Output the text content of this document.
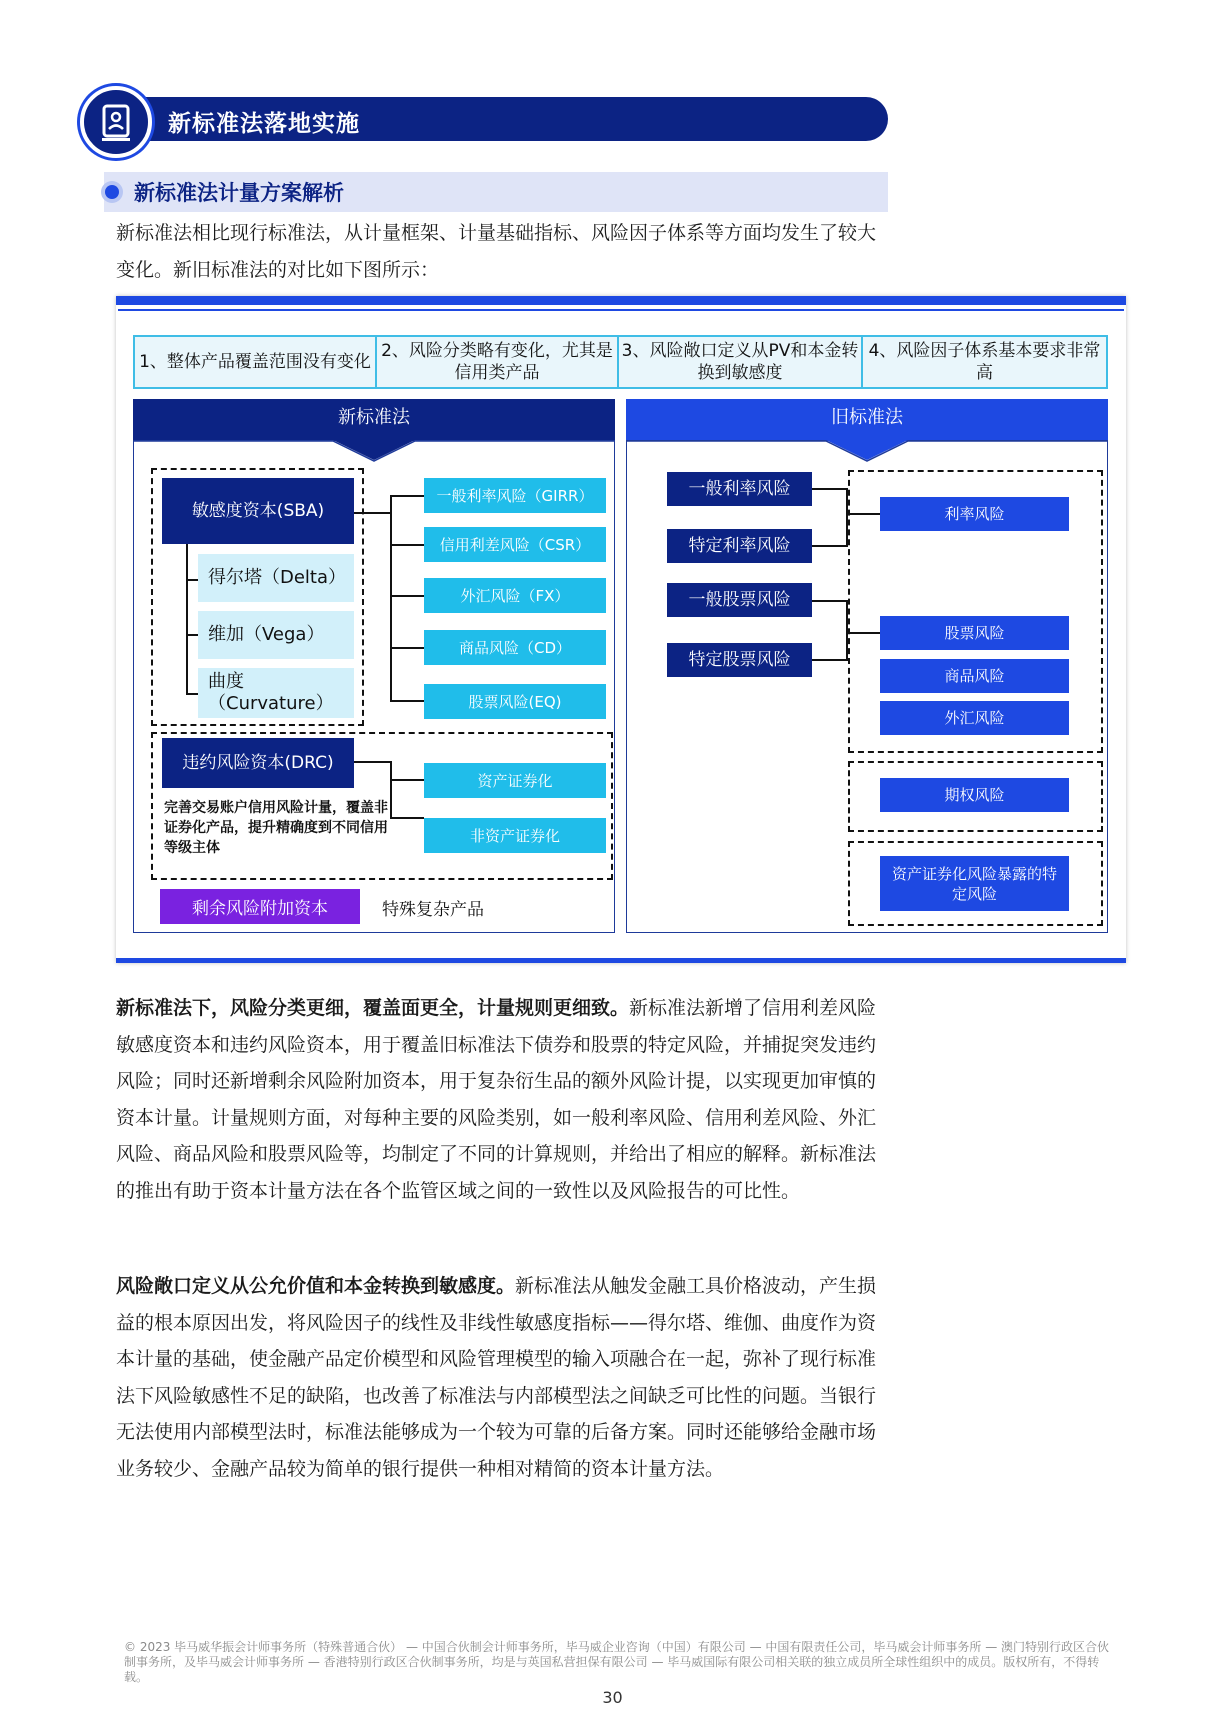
新标准法落地实施
新标准法计量方案解析
新标准法相比现行标准法，从计量框架、计量基础指标、风险因子体系等方面均发生了较大变化。新旧标准法的对比如下图所示：
1、整体产品覆盖范围没有变化
2、风险分类略有变化，尤其是信用类产品
3、风险敞口定义从PV和本金转换到敏感度
4、风险因子体系基本要求非常高
新标准法	旧标准法
敏感度资本(SBA)
得尔塔（Delta）
维加（Vega）
曲度（Curvature）
一般利率风险（GIRR）
信用利差风险（CSR）
外汇风险（FX）
商品风险（CD）
股票风险(EQ)
违约风险资本(DRC)
完善交易账户信用风险计量，覆盖非证券化产品，提升精确度到不同信用等级主体
资产证券化
非资产证券化
剩余风险附加资本	特殊复杂产品
一般利率风险
特定利率风险
一般股票风险
特定股票风险
利率风险
股票风险
商品风险
外汇风险
期权风险
资产证券化风险暴露的特定风险
新标准法下，风险分类更细，覆盖面更全，计量规则更细致。新标准法新增了信用利差风险敏感度资本和违约风险资本，用于覆盖旧标准法下债券和股票的特定风险，并捕捉突发违约风险；同时还新增剩余风险附加资本，用于复杂衍生品的额外风险计提，以实现更加审慎的资本计量。计量规则方面，对每种主要的风险类别，如一般利率风险、信用利差风险、外汇风险、商品风险和股票风险等，均制定了不同的计算规则，并给出了相应的解释。新标准法的推出有助于资本计量方法在各个监管区域之间的一致性以及风险报告的可比性。
风险敞口定义从公允价值和本金转换到敏感度。新标准法从触发金融工具价格波动，产生损益的根本原因出发，将风险因子的线性及非线性敏感度指标——得尔塔、维伽、曲度作为资本计量的基础，使金融产品定价模型和风险管理模型的输入项融合在一起，弥补了现行标准法下风险敏感性不足的缺陷，也改善了标准法与内部模型法之间缺乏可比性的问题。当银行无法使用内部模型法时，标准法能够成为一个较为可靠的后备方案。同时还能够给金融市场业务较少、金融产品较为简单的银行提供一种相对精简的资本计量方法。
© 2023 毕马威华振会计师事务所（特殊普通合伙） — 中国合伙制会计师事务所，毕马威企业咨询（中国）有限公司 — 中国有限责任公司，毕马威会计师事务所 — 澳门特别行政区合伙制事务所，及毕马威会计师事务所 — 香港特别行政区合伙制事务所，均是与英国私营担保有限公司 — 毕马威国际有限公司相关联的独立成员所全球性组织中的成员。版权所有，不得转载。
30
